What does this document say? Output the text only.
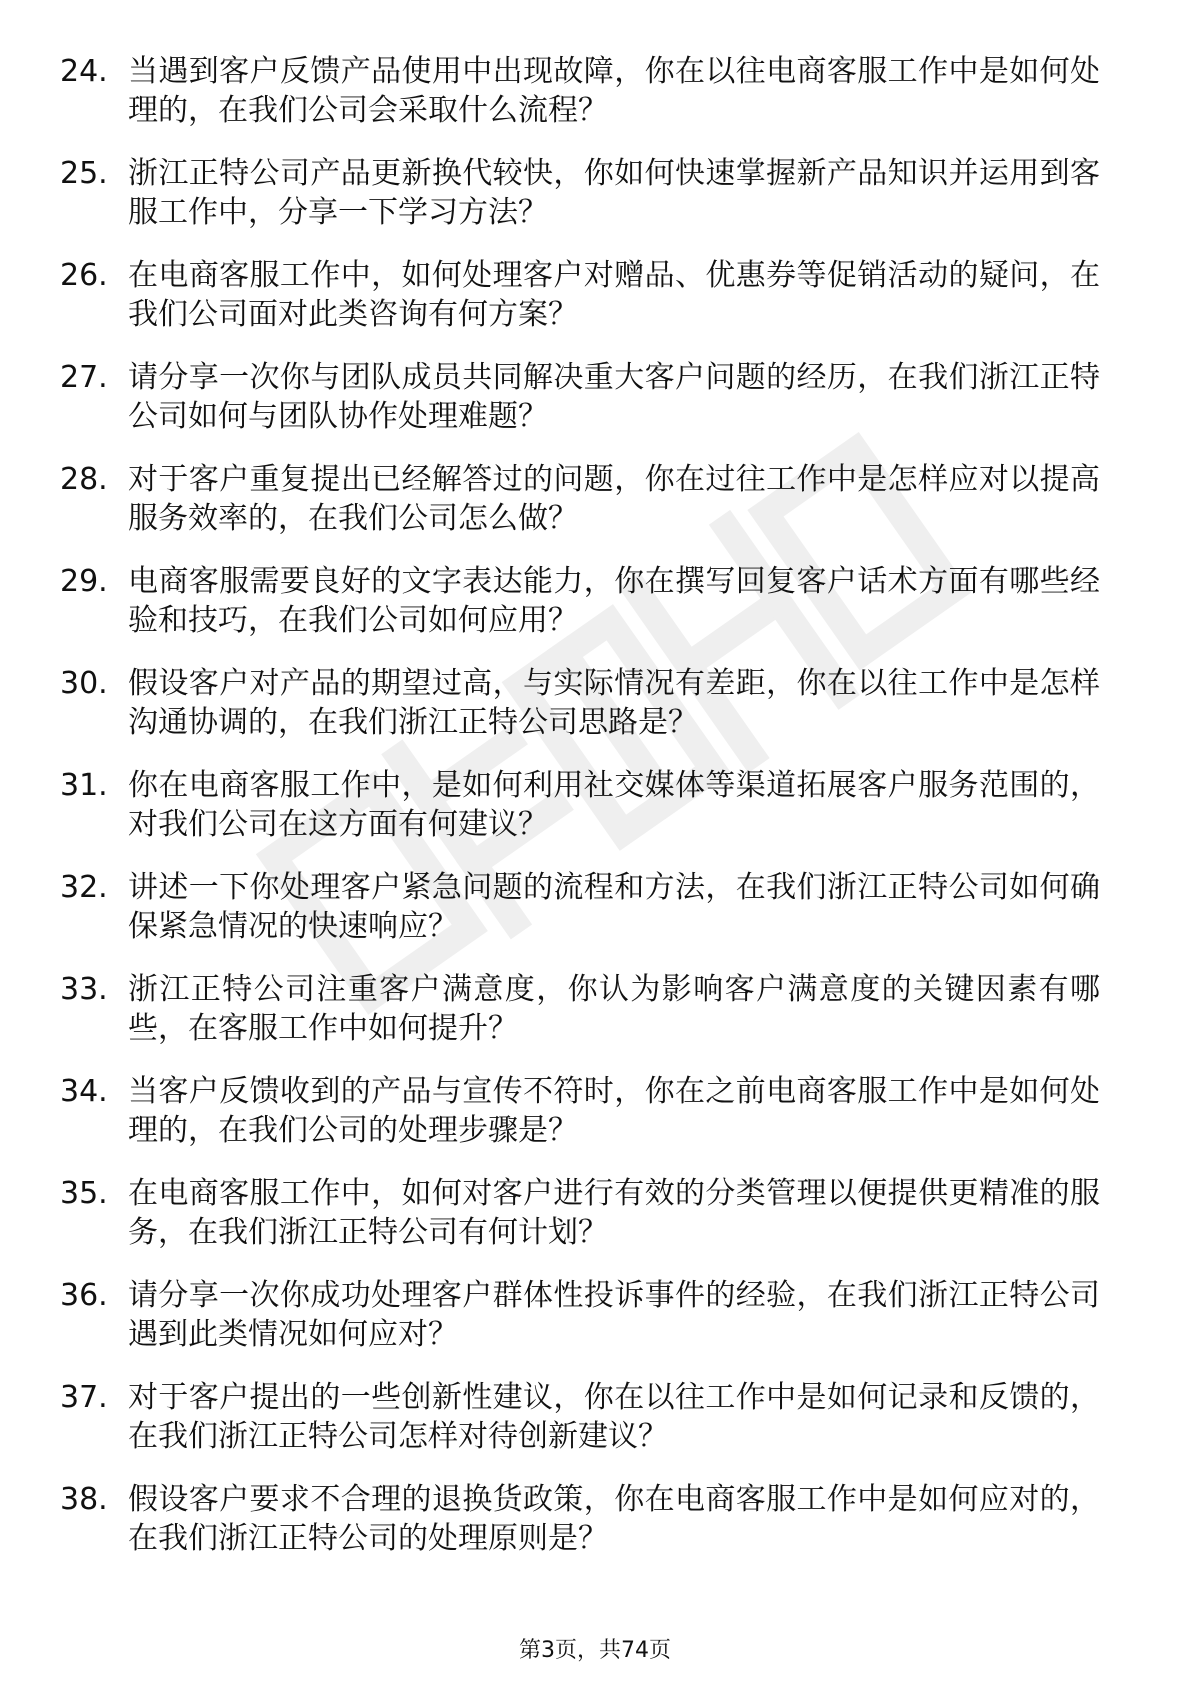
24. 当遇到客户反馈产品使用中出现故障，你在以往电商客服工作中是如何处理的，在我们公司会采取什么流程？
25. 浙江正特公司产品更新换代较快，你如何快速掌握新产品知识并运用到客服工作中，分享一下学习方法？
26. 在电商客服工作中，如何处理客户对赠品、优惠券等促销活动的疑问，在我们公司面对此类咨询有何方案？
27. 请分享一次你与团队成员共同解决重大客户问题的经历，在我们浙江正特公司如何与团队协作处理难题？
28. 对于客户重复提出已经解答过的问题，你在过往工作中是怎样应对以提高服务效率的，在我们公司怎么做？
29. 电商客服需要良好的文字表达能力，你在撰写回复客户话术方面有哪些经验和技巧，在我们公司如何应用？
30. 假设客户对产品的期望过高，与实际情况有差距，你在以往工作中是怎样沟通协调的，在我们浙江正特公司思路是？
31. 你在电商客服工作中，是如何利用社交媒体等渠道拓展客户服务范围的，对我们公司在这方面有何建议？
32. 讲述一下你处理客户紧急问题的流程和方法，在我们浙江正特公司如何确保紧急情况的快速响应？
33. 浙江正特公司注重客户满意度，你认为影响客户满意度的关键因素有哪些，在客服工作中如何提升？
34. 当客户反馈收到的产品与宣传不符时，你在之前电商客服工作中是如何处理的，在我们公司的处理步骤是？
35. 在电商客服工作中，如何对客户进行有效的分类管理以便提供更精准的服务，在我们浙江正特公司有何计划？
36. 请分享一次你成功处理客户群体性投诉事件的经验，在我们浙江正特公司遇到此类情况如何应对？
37. 对于客户提出的一些创新性建议，你在以往工作中是如何记录和反馈的，在我们浙江正特公司怎样对待创新建议？
38. 假设客户要求不合理的退换货政策，你在电商客服工作中是如何应对的，在我们浙江正特公司的处理原则是？
第3页，共74页
